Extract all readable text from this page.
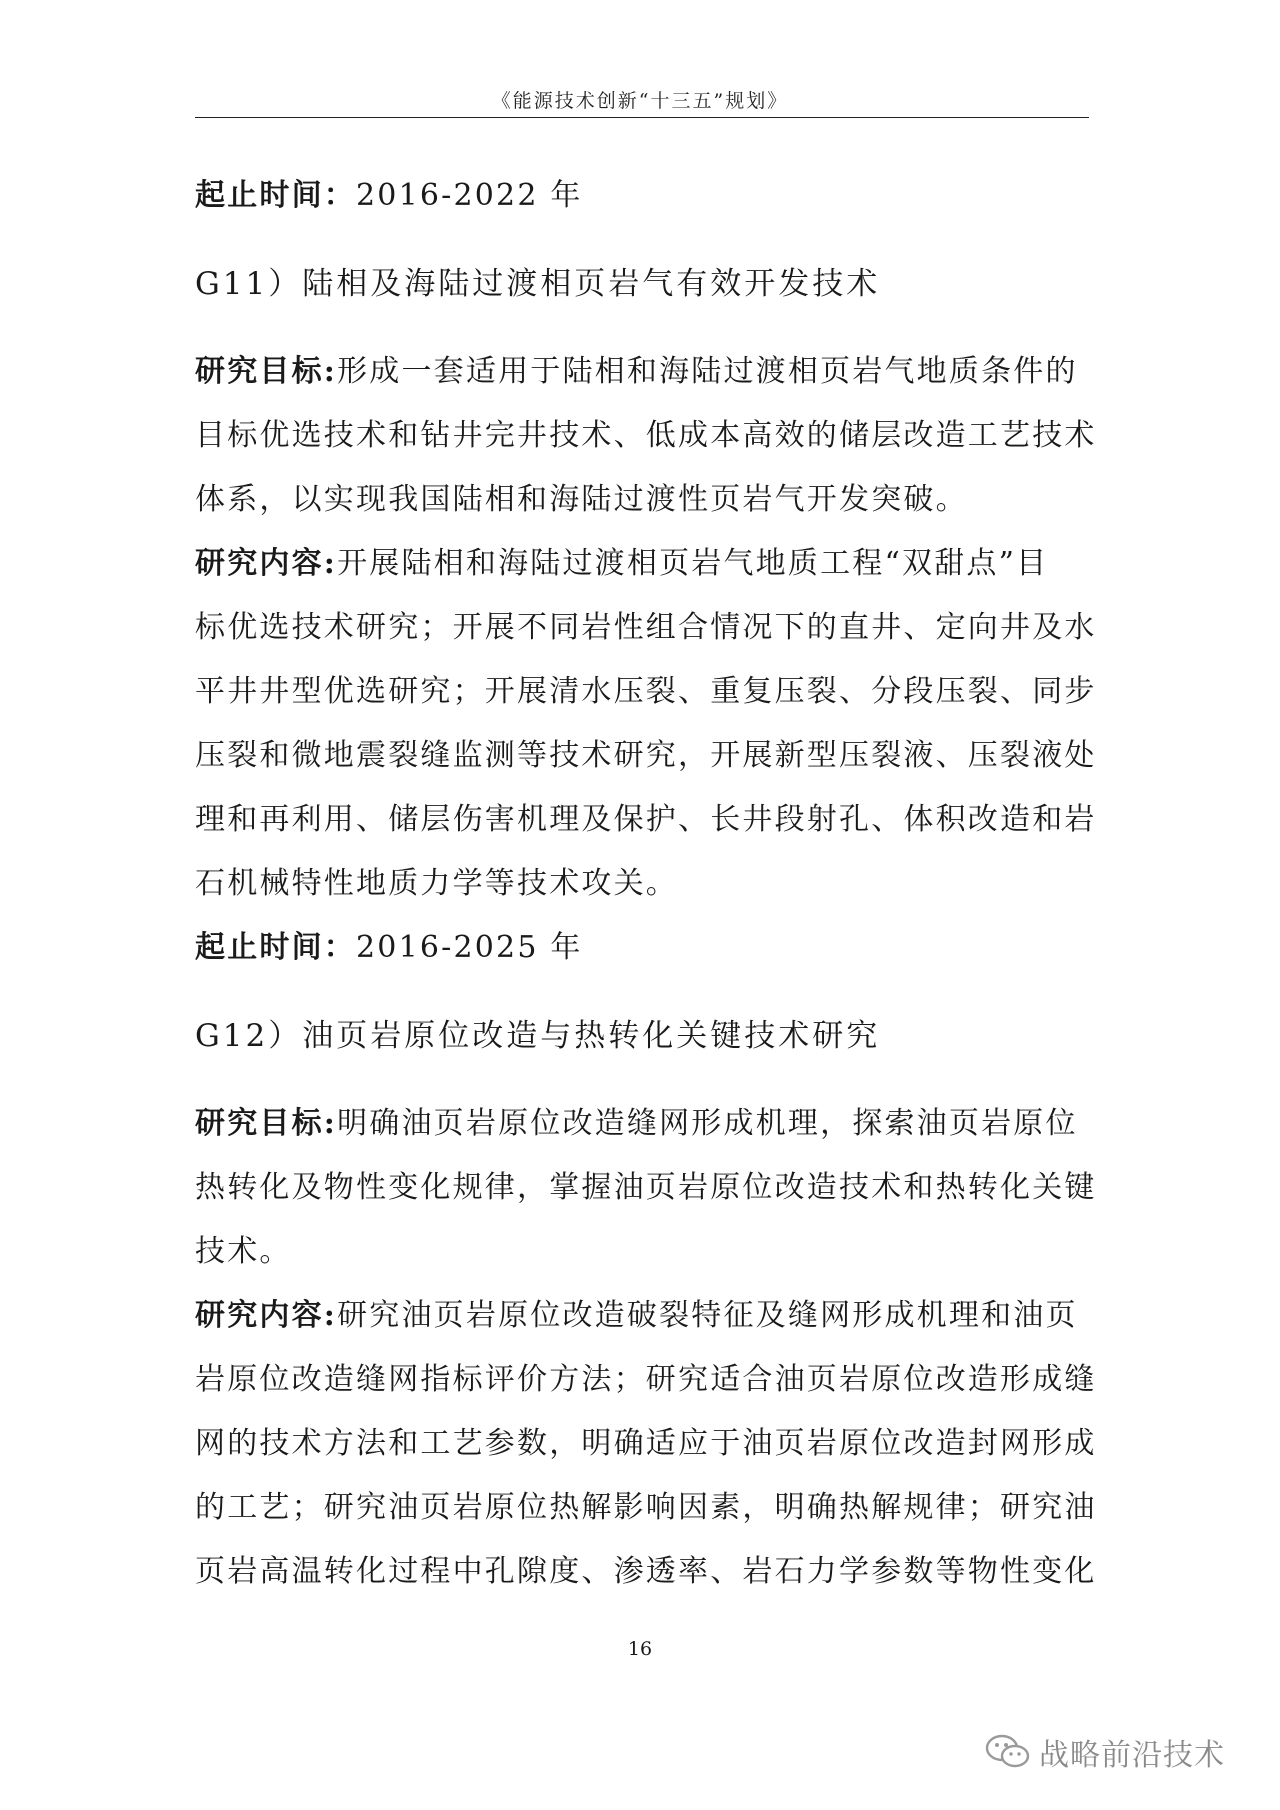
《能源技术创新“十三五”规划》
起止时间：2016-2022 年
G11）陆相及海陆过渡相页岩气有效开发技术
研究目标:形成一套适用于陆相和海陆过渡相页岩气地质条件的
目标优选技术和钻井完井技术、低成本高效的储层改造工艺技术
体系，以实现我国陆相和海陆过渡性页岩气开发突破。
研究内容:开展陆相和海陆过渡相页岩气地质工程“双甜点”目
标优选技术研究；开展不同岩性组合情况下的直井、定向井及水
平井井型优选研究；开展清水压裂、重复压裂、分段压裂、同步
压裂和微地震裂缝监测等技术研究，开展新型压裂液、压裂液处
理和再利用、储层伤害机理及保护、长井段射孔、体积改造和岩
石机械特性地质力学等技术攻关。
起止时间：2016-2025 年
G12）油页岩原位改造与热转化关键技术研究
研究目标:明确油页岩原位改造缝网形成机理，探索油页岩原位
热转化及物性变化规律，掌握油页岩原位改造技术和热转化关键
技术。
研究内容:研究油页岩原位改造破裂特征及缝网形成机理和油页
岩原位改造缝网指标评价方法；研究适合油页岩原位改造形成缝
网的技术方法和工艺参数，明确适应于油页岩原位改造封网形成
的工艺；研究油页岩原位热解影响因素，明确热解规律；研究油
页岩高温转化过程中孔隙度、渗透率、岩石力学参数等物性变化
16
战略前沿技术
